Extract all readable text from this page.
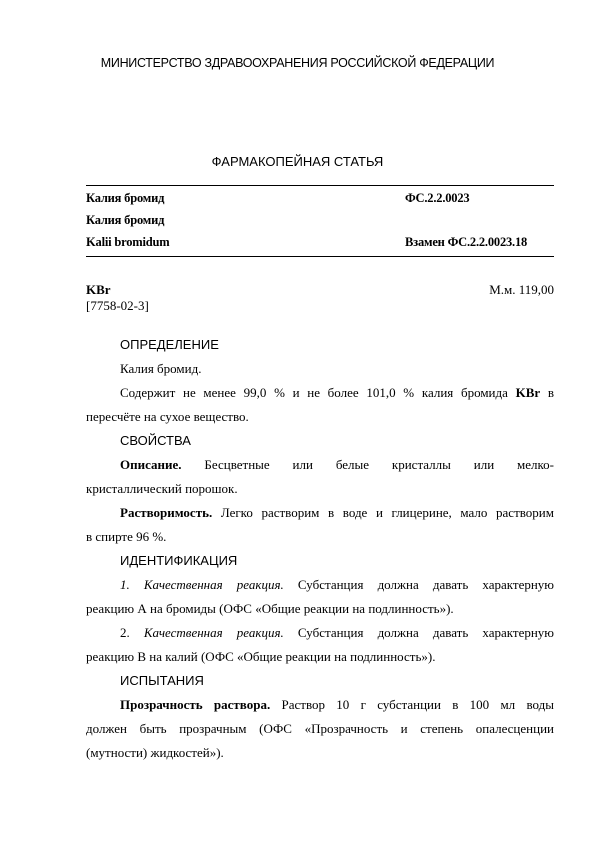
МИНИСТЕРСТВО ЗДРАВООХРАНЕНИЯ РОССИЙСКОЙ ФЕДЕРАЦИИ
ФАРМАКОПЕЙНАЯ СТАТЬЯ
Калия бромид	ФС.2.2.0023
Калия бромид
Kalii bromidum	Взамен ФС.2.2.0023.18
KBr	М.м. 119,00
[7758-02-3]

ОПРЕДЕЛЕНИЕ

Калия бромид.

Содержит не менее 99,0 % и не более 101,0 % калия бромида KBr в

пересчёте на сухое вещество.

СВОЙСТВА

Описание. Бесцветные или белые кристаллы или мелко-

кристаллический порошок.

Растворимость. Легко растворим в воде и глицерине, мало растворим

в спирте 96 %.

ИДЕНТИФИКАЦИЯ

1. Качественная реакция. Субстанция должна давать характерную

реакцию А на бромиды (ОФС «Общие реакции на подлинность»).

2. Качественная реакция. Субстанция должна давать характерную

реакцию В на калий (ОФС «Общие реакции на подлинность»).

ИСПЫТАНИЯ

Прозрачность раствора. Раствор 10 г субстанции в 100 мл воды

должен быть прозрачным (ОФС «Прозрачность и степень опалесценции

(мутности) жидкостей»).
